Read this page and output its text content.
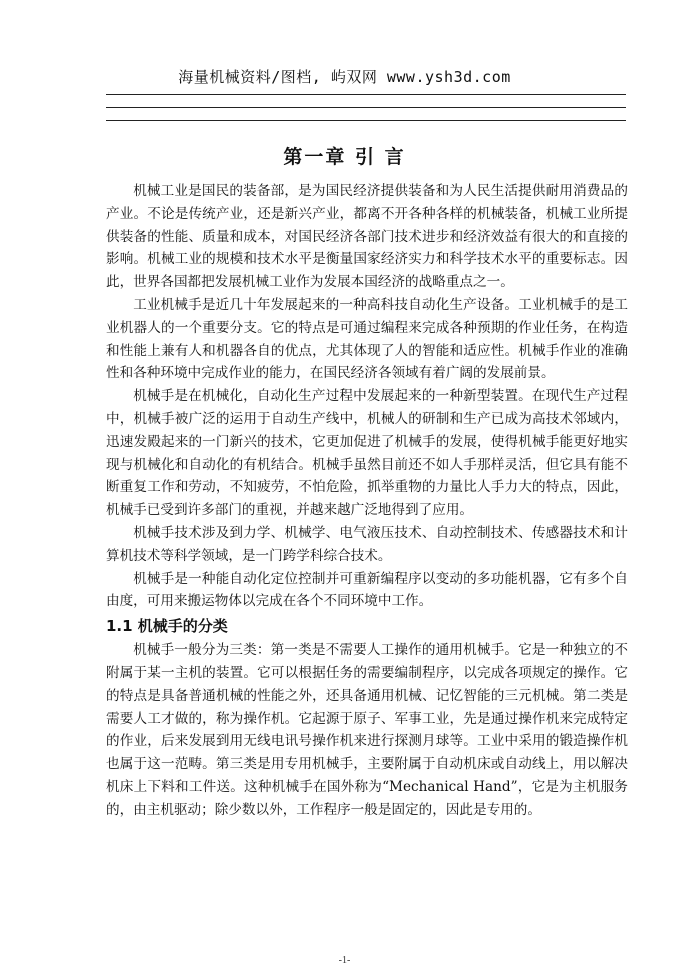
海量机械资料/图档, 屿双网 www.ysh3d.com
第一章 引 言

机械工业是国民的装备部，是为国民经济提供装备和为人民生活提供耐用消费品的产业。不论是传统产业，还是新兴产业，都离不开各种各样的机械装备，机械工业所提供装备的性能、质量和成本，对国民经济各部门技术进步和经济效益有很大的和直接的影响。机械工业的规模和技术水平是衡量国家经济实力和科学技术水平的重要标志。因此，世界各国都把发展机械工业作为发展本国经济的战略重点之一。

工业机械手是近几十年发展起来的一种高科技自动化生产设备。工业机械手的是工业机器人的一个重要分支。它的特点是可通过编程来完成各种预期的作业任务，在构造和性能上兼有人和机器各自的优点，尤其体现了人的智能和适应性。机械手作业的准确性和各种环境中完成作业的能力，在国民经济各领域有着广阔的发展前景。

机械手是在机械化，自动化生产过程中发展起来的一种新型装置。在现代生产过程中，机械手被广泛的运用于自动生产线中，机械人的研制和生产已成为高技术邻域内，迅速发殿起来的一门新兴的技术，它更加促进了机械手的发展，使得机械手能更好地实现与机械化和自动化的有机结合。机械手虽然目前还不如人手那样灵活，但它具有能不断重复工作和劳动，不知疲劳，不怕危险，抓举重物的力量比人手力大的特点，因此，机械手已受到许多部门的重视，并越来越广泛地得到了应用。

机械手技术涉及到力学、机械学、电气液压技术、自动控制技术、传感器技术和计算机技术等科学领域，是一门跨学科综合技术。

机械手是一种能自动化定位控制并可重新编程序以变动的多功能机器，它有多个自由度，可用来搬运物体以完成在各个不同环境中工作。

1.1 机械手的分类

机械手一般分为三类：第一类是不需要人工操作的通用机械手。它是一种独立的不附属于某一主机的装置。它可以根据任务的需要编制程序，以完成各项规定的操作。它的特点是具备普通机械的性能之外，还具备通用机械、记忆智能的三元机械。第二类是需要人工才做的，称为操作机。它起源于原子、军事工业，先是通过操作机来完成特定的作业，后来发展到用无线电讯号操作机来进行探测月球等。工业中采用的锻造操作机也属于这一范畴。第三类是用专用机械手，主要附属于自动机床或自动线上，用以解决机床上下料和工件送。这种机械手在国外称为“Mechanical Hand”，它是为主机服务的，由主机驱动；除少数以外，工作程序一般是固定的，因此是专用的。

-1-
